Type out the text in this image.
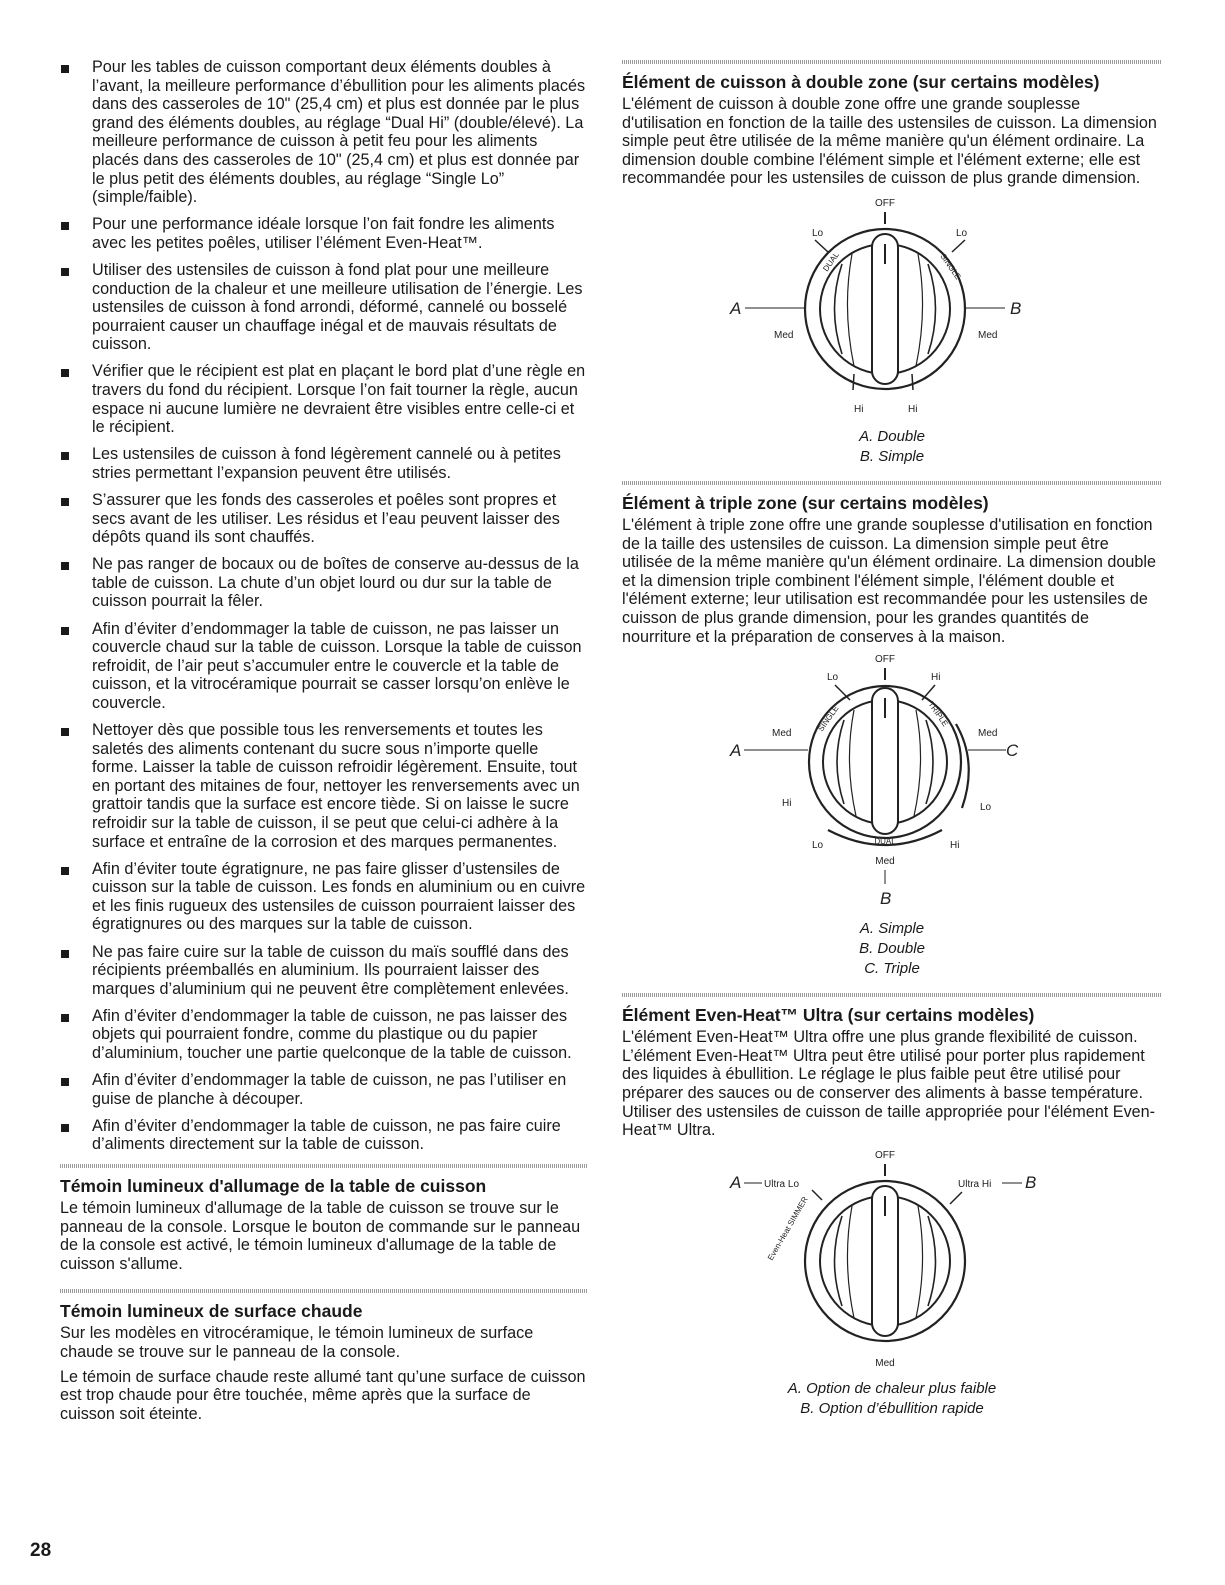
Pour les tables de cuisson comportant deux éléments doubles à l’avant, la meilleure performance d’ébullition pour les aliments placés dans des casseroles de 10" (25,4 cm) et plus est donnée par le plus grand des éléments doubles, au réglage “Dual Hi” (double/élevé). La meilleure performance de cuisson à petit feu pour les aliments placés dans des casseroles de 10" (25,4 cm) et plus est donnée par le plus petit des éléments doubles, au réglage “Single Lo” (simple/faible).
Pour une performance idéale lorsque l’on fait fondre les aliments avec les petites poêles, utiliser l’élément Even-Heat™.
Utiliser des ustensiles de cuisson à fond plat pour une meilleure conduction de la chaleur et une meilleure utilisation de l’énergie. Les ustensiles de cuisson à fond arrondi, déformé, cannelé ou bosselé pourraient causer un chauffage inégal et de mauvais résultats de cuisson.
Vérifier que le récipient est plat en plaçant le bord plat d’une règle en travers du fond du récipient. Lorsque l’on fait tourner la règle, aucun espace ni aucune lumière ne devraient être visibles entre celle-ci et le récipient.
Les ustensiles de cuisson à fond légèrement cannelé ou à petites stries permettant l’expansion peuvent être utilisés.
S’assurer que les fonds des casseroles et poêles sont propres et secs avant de les utiliser. Les résidus et l’eau peuvent laisser des dépôts quand ils sont chauffés.
Ne pas ranger de bocaux ou de boîtes de conserve au-dessus de la table de cuisson. La chute d’un objet lourd ou dur sur la table de cuisson pourrait la fêler.
Afin d’éviter d’endommager la table de cuisson, ne pas laisser un couvercle chaud sur la table de cuisson. Lorsque la table de cuisson refroidit, de l’air peut s’accumuler entre le couvercle et la table de cuisson, et la vitrocéramique pourrait se casser lorsqu’on enlève le couvercle.
Nettoyer dès que possible tous les renversements et toutes les saletés des aliments contenant du sucre sous n’importe quelle forme. Laisser la table de cuisson refroidir légèrement. Ensuite, tout en portant des mitaines de four, nettoyer les renversements avec un grattoir tandis que la surface est encore tiède. Si on laisse le sucre refroidir sur la table de cuisson, il se peut que celui-ci adhère à la surface et entraîne de la corrosion et des marques permanentes.
Afin d’éviter toute égratignure, ne pas faire glisser d’ustensiles de cuisson sur la table de cuisson. Les fonds en aluminium ou en cuivre et les finis rugueux des ustensiles de cuisson pourraient laisser des égratignures ou des marques sur la table de cuisson.
Ne pas faire cuire sur la table de cuisson du maïs soufflé dans des récipients préemballés en aluminium. Ils pourraient laisser des marques d’aluminium qui ne peuvent être complètement enlevées.
Afin d’éviter d’endommager la table de cuisson, ne pas laisser des objets qui pourraient fondre, comme du plastique ou du papier d’aluminium, toucher une partie quelconque de la table de cuisson.
Afin d’éviter d’endommager la table de cuisson, ne pas l’utiliser en guise de planche à découper.
Afin d’éviter d’endommager la table de cuisson, ne pas faire cuire d’aliments directement sur la table de cuisson.
Témoin lumineux d'allumage de la table de cuisson

Le témoin lumineux d'allumage de la table de cuisson se trouve sur le panneau de la console. Lorsque le bouton de commande sur le panneau de la console est activé, le témoin lumineux d'allumage de la table de cuisson s'allume.

Témoin lumineux de surface chaude

Sur les modèles en vitrocéramique, le témoin lumineux de surface chaude se trouve sur le panneau de la console.

Le témoin de surface chaude reste allumé tant qu’une surface de cuisson est trop chaude pour être touchée, même après que la surface de cuisson soit éteinte.

Élément de cuisson à double zone (sur certains modèles)

L'élément de cuisson à double zone offre une grande souplesse d'utilisation en fonction de la taille des ustensiles de cuisson. La dimension simple peut être utilisée de la même manière qu'un élément ordinaire. La dimension double combine l'élément simple et l'élément externe; elle est recommandée pour les ustensiles de cuisson de plus grande dimension.

OFF
Lo	Lo
DUAL	SINGLE
A	B
Med	Med
Hi	Hi
A. Double
B. Simple
Élément à triple zone (sur certains modèles)

L'élément à triple zone offre une grande souplesse d'utilisation en fonction de la taille des ustensiles de cuisson. La dimension simple peut être utilisée de la même manière qu'un élément ordinaire. La dimension double et la dimension triple combinent l'élément simple, l'élément double et l'élément externe; leur utilisation est recommandée pour les ustensiles de cuisson de plus grande dimension, pour les grandes quantités de nourriture et la préparation de conserves à la maison.

OFF
Lo	Hi
SINGLE	TRIPLE
Med	Med
A	C
Hi	Lo
DUAL
Lo	Hi
Med
B
A. Simple
B. Double
C. Triple
Élément Even-Heat™ Ultra (sur certains modèles)

L'élément Even-Heat™ Ultra offre une plus grande flexibilité de cuisson. L’élément Even-Heat™ Ultra peut être utilisé pour porter plus rapidement des liquides à ébullition. Le réglage le plus faible peut être utilisé pour préparer des sauces ou de conserver des aliments à basse température. Utiliser des ustensiles de cuisson de taille appropriée pour l'élément Even-Heat™ Ultra.

OFF
A Ultra Lo	Ultra Hi B
Even-Heat SIMMER
Med
A. Option de chaleur plus faible
B. Option d’ébullition rapide
28
